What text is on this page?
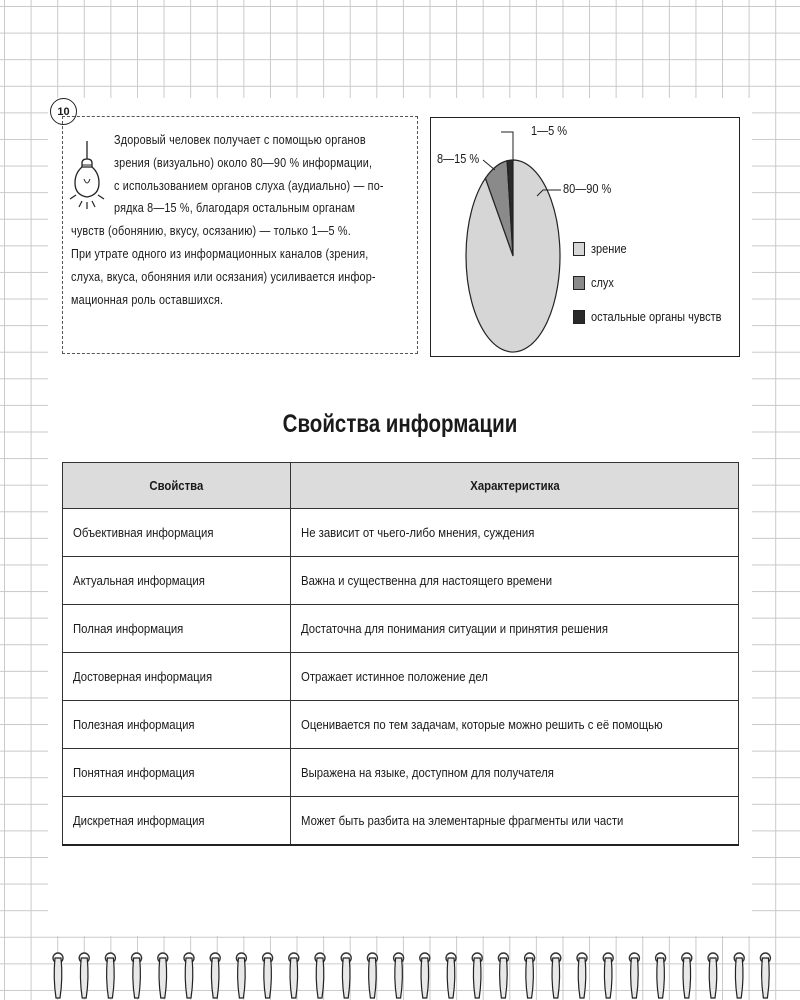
10
Здоровый человек получает с помощью органов
зрения (визуально) около 80—90 % информации,
с использованием органов слуха (аудиально) — по-
рядка 8—15 %, благодаря остальным органам
чувств (обонянию, вкусу, осязанию) — только 1—5 %.
При утрате одного из информационных каналов (зрения,
слуха, вкуса, обоняния или осязания) усиливается инфор-
мационная роль оставшихся.
1—5 %
8—15 %
80—90 %
зрение
слух
остальные органы чувств
Свойства информации
Свойства	Характеристика
Объективная информация	Не зависит от чьего-либо мнения, суждения
Актуальная информация	Важна и существенна для настоящего времени
Полная информация	Достаточна для понимания ситуации и принятия решения
Достоверная информация	Отражает истинное положение дел
Полезная информация	Оценивается по тем задачам, которые можно решить с её помощью
Понятная информация	Выражена на языке, доступном для получателя
Дискретная информация	Может быть разбита на элементарные фрагменты или части
